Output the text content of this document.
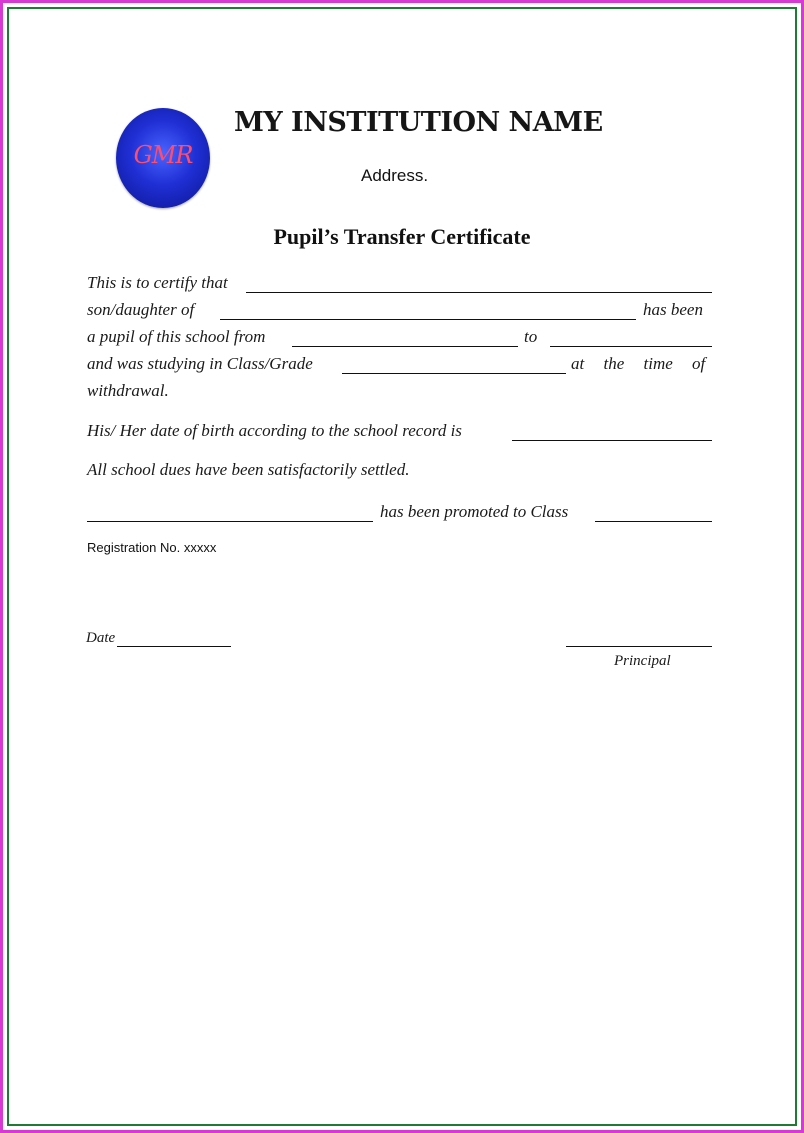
GMR
MY INSTITUTION NAME
Address.
Pupil’s Transfer Certificate
This is to certify that
son/daughter of	has been
a pupil of this school from	to
and was studying in Class/Grade	at the time of
withdrawal.
His/ Her date of birth according to the school record is
All school dues have been satisfactorily settled.
has been promoted to Class
Registration No. xxxxx
Date
Principal
